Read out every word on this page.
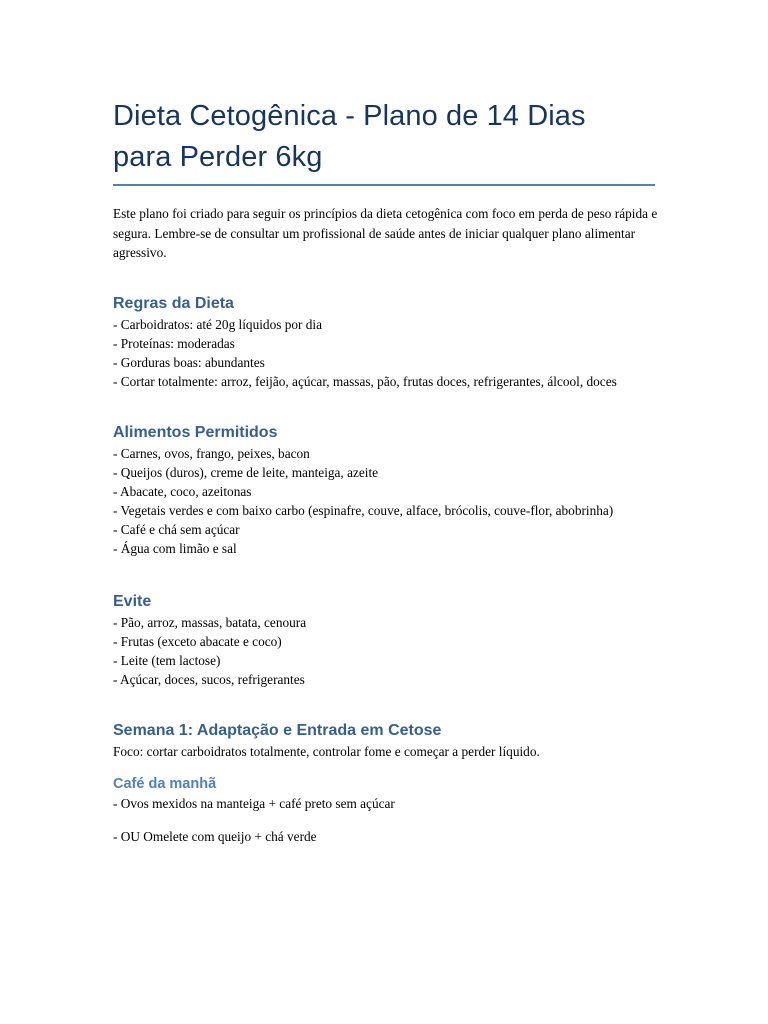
Dieta Cetogênica - Plano de 14 Dias
para Perder 6kg

Este plano foi criado para seguir os princípios da dieta cetogênica com foco em perda de peso rápida e segura. Lembre-se de consultar um profissional de saúde antes de iniciar qualquer plano alimentar agressivo.

Regras da Dieta
- Carboidratos: até 20g líquidos por dia
- Proteínas: moderadas
- Gorduras boas: abundantes
- Cortar totalmente: arroz, feijão, açúcar, massas, pão, frutas doces, refrigerantes, álcool, doces
Alimentos Permitidos
- Carnes, ovos, frango, peixes, bacon
- Queijos (duros), creme de leite, manteiga, azeite
- Abacate, coco, azeitonas
- Vegetais verdes e com baixo carbo (espinafre, couve, alface, brócolis, couve-flor, abobrinha)
- Café e chá sem açúcar
- Água com limão e sal
Evite
- Pão, arroz, massas, batata, cenoura
- Frutas (exceto abacate e coco)
- Leite (tem lactose)
- Açúcar, doces, sucos, refrigerantes
Semana 1: Adaptação e Entrada em Cetose

Foco: cortar carboidratos totalmente, controlar fome e começar a perder líquido.

Café da manhã

- Ovos mexidos na manteiga + café preto sem açúcar

- OU Omelete com queijo + chá verde
